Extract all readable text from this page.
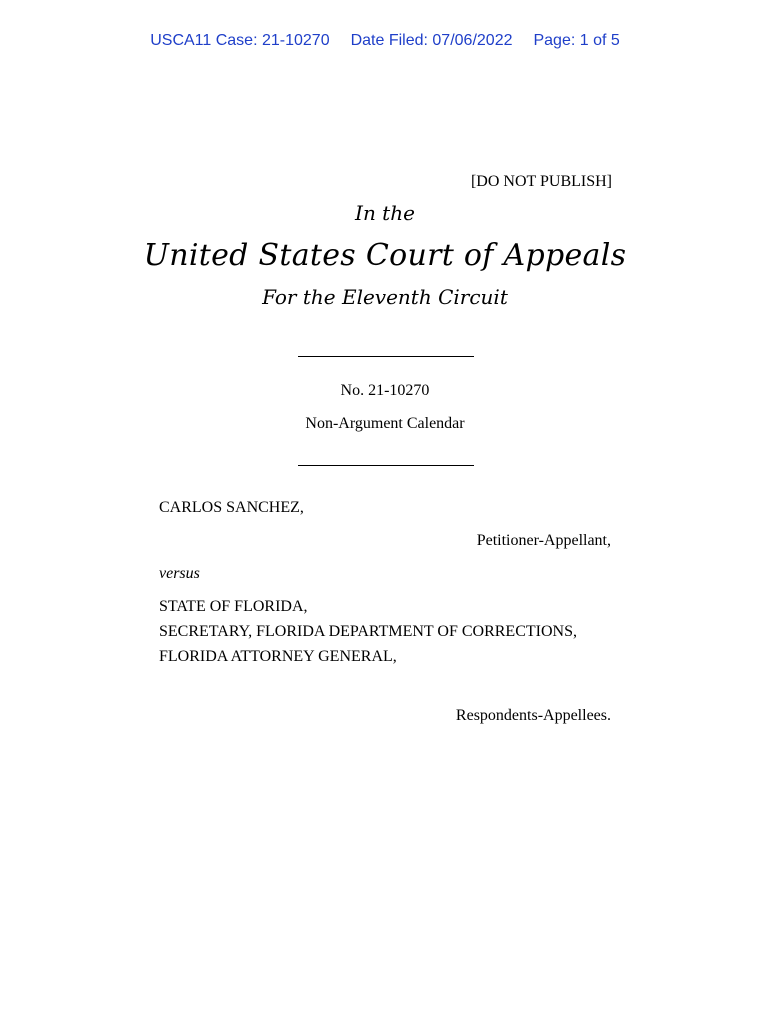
USCA11 Case: 21-10270 Date Filed: 07/06/2022 Page: 1 of 5
[DO NOT PUBLISH]
In the
United States Court of Appeals
For the Eleventh Circuit
No. 21-10270
Non-Argument Calendar
CARLOS SANCHEZ,
Petitioner-Appellant,
versus
STATE OF FLORIDA,
SECRETARY, FLORIDA DEPARTMENT OF CORRECTIONS,
FLORIDA ATTORNEY GENERAL,
Respondents-Appellees.
